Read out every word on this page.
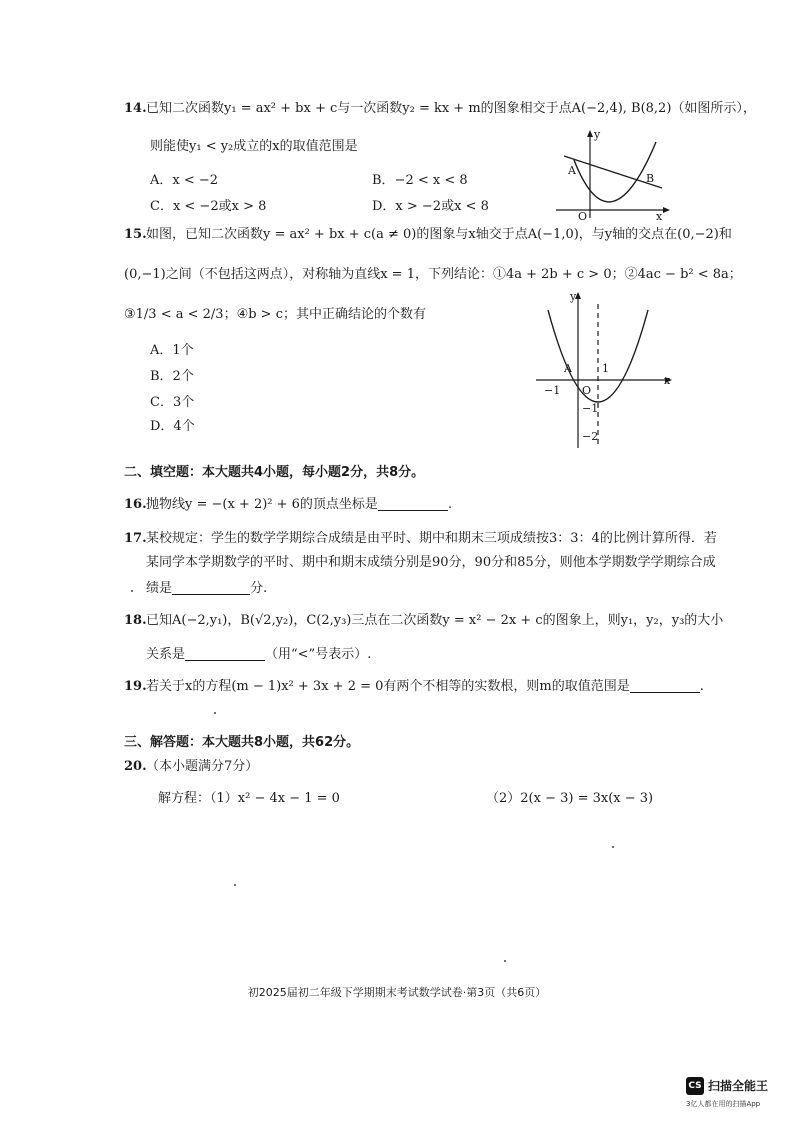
14.已知二次函数y₁ = ax² + bx + c与一次函数y₂ = kx + m的图象相交于点A(−2,4), B(8,2)（如图所示），
则能使y₁ < y₂成立的x的取值范围是
A．x < −2	B．−2 < x < 8
C．x < −2或x > 8	D．x > −2或x < 8
y
x
A
B
O
15.如图，已知二次函数y = ax² + bx + c(a ≠ 0)的图象与x轴交于点A(−1,0)，与y轴的交点在(0,−2)和
(0,−1)之间（不包括这两点），对称轴为直线x = 1，下列结论：①4a + 2b + c > 0；②4ac − b² < 8a；
③1/3 < a < 2/3；④b > c；其中正确结论的个数有
A．1个
B．2个
C．3个
D．4个
y
x
A
O
1
−1
−1
−2
二、填空题：本大题共4小题，每小题2分，共8分。
16.抛物线y = −(x + 2)² + 6的顶点坐标是	.
17.某校规定：学生的数学学期综合成绩是由平时、期中和期末三项成绩按3：3：4的比例计算所得．若
某同学本学期数学的平时、期中和期末成绩分别是90分，90分和85分，则他本学期数学学期综合成
绩是	分.
18.已知A(−2,y₁)，B(√2,y₂)，C(2,y₃)三点在二次函数y = x² − 2x + c的图象上，则y₁，y₂，y₃的大小
关系是	（用“<”号表示）.
19.若关于x的方程(m − 1)x² + 3x + 2 = 0有两个不相等的实数根，则m的取值范围是	.
三、解答题：本大题共8小题，共62分。
20.（本小题满分7分）
解方程：（1）x² − 4x − 1 = 0	（2）2(x − 3) = 3x(x − 3)
初2025届初二年级下学期期末考试数学试卷·第3页（共6页）
CS 扫描全能王
3亿人都在用的扫描App
